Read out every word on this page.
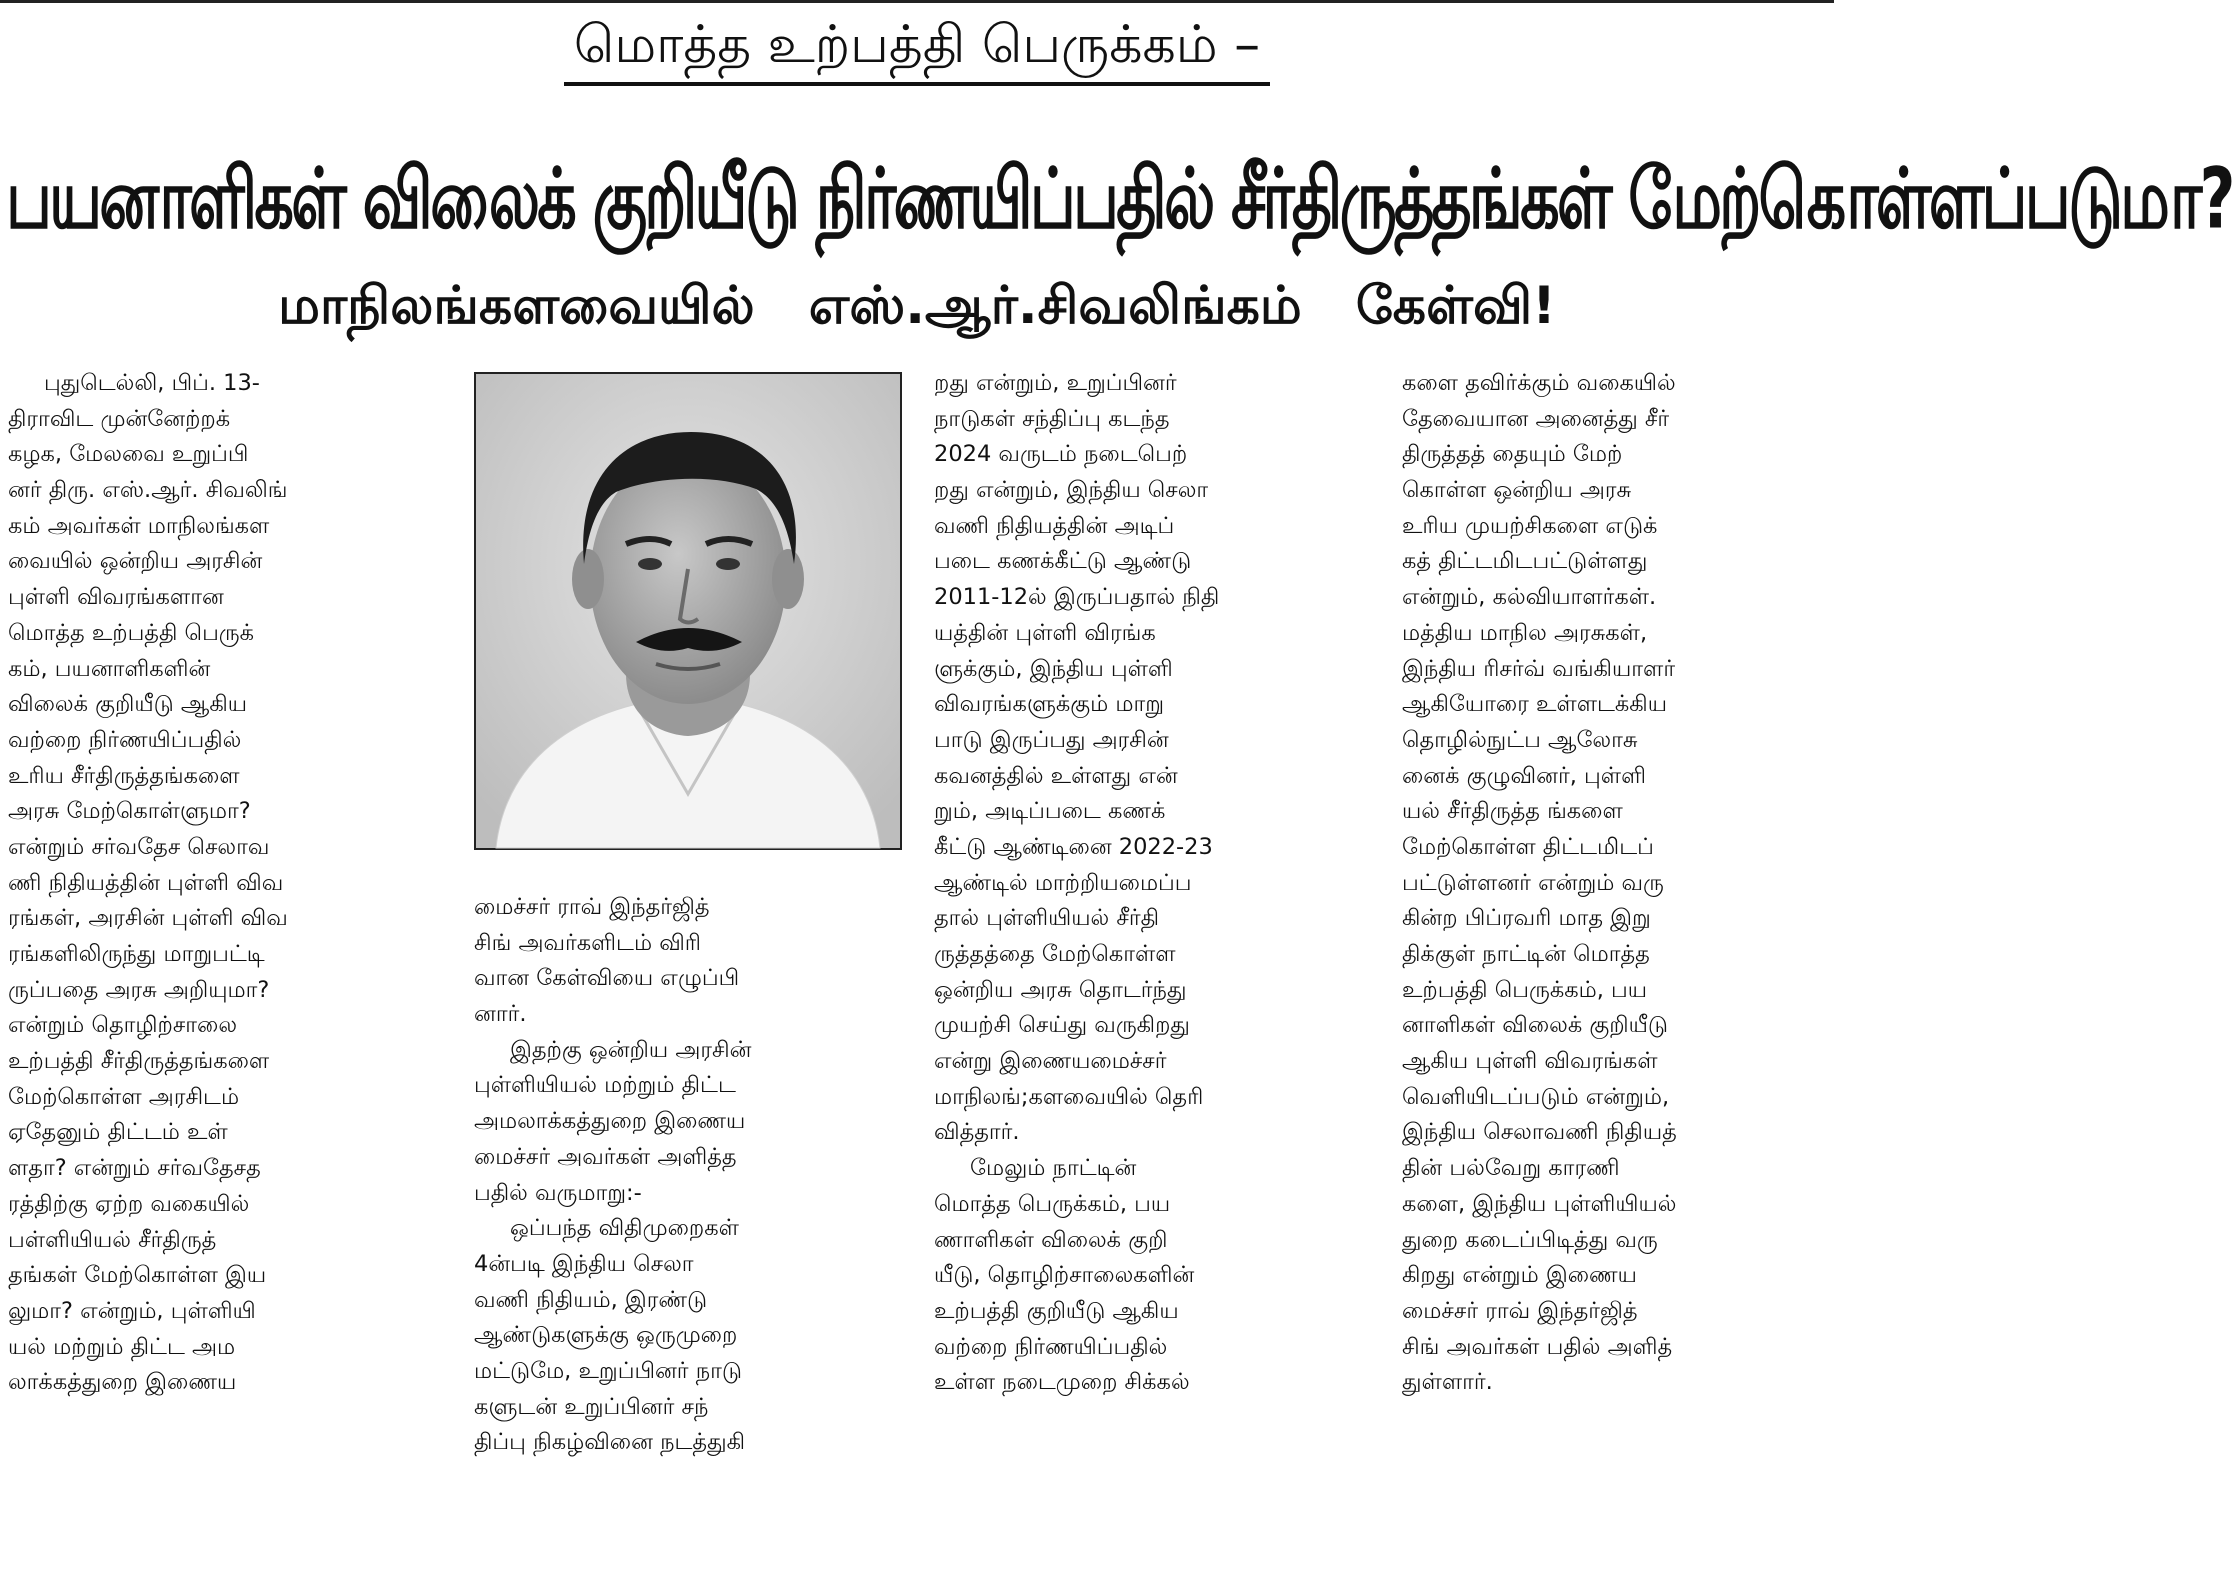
மொத்த உற்பத்தி பெருக்கம் –
பயனாளிகள் விலைக் குறியீடு நிர்ணயிப்பதில் சீர்திருத்தங்கள் மேற்கொள்ளப்படுமா?
மாநிலங்களவையில் எஸ்.ஆர்.சிவலிங்கம் கேள்வி!
புதுடெல்லி, பிப். 13-
திராவிட முன்னேற்றக்
கழக, மேலவை உறுப்பி
னர் திரு. எஸ்.ஆர். சிவலிங்
கம் அவர்கள் மாநிலங்கள
வையில் ஒன்றிய அரசின்
புள்ளி விவரங்களான
மொத்த உற்பத்தி பெருக்
கம், பயனாளிகளின்
விலைக் குறியீடு ஆகிய
வற்றை நிர்ணயிப்பதில்
உரிய சீர்திருத்தங்களை
அரசு மேற்கொள்ளுமா?
என்றும் சர்வதேச செலாவ
ணி நிதியத்தின் புள்ளி விவ
ரங்கள், அரசின் புள்ளி விவ
ரங்களிலிருந்து மாறுபட்டி
ருப்பதை அரசு அறியுமா?
என்றும் தொழிற்சாலை
உற்பத்தி சீர்திருத்தங்களை
மேற்கொள்ள அரசிடம்
ஏதேனும் திட்டம் உள்
ளதா? என்றும் சர்வதேசத
ரத்திற்கு ஏற்ற வகையில்
பள்ளியியல் சீர்திருத்
தங்கள் மேற்கொள்ள இய
லுமா? என்றும், புள்ளியி
யல் மற்றும் திட்ட அம
லாக்கத்துறை இணைய
மைச்சர் ராவ் இந்தர்ஜித்
சிங் அவர்களிடம் விரி
வான கேள்வியை எழுப்பி
னார்.
இதற்கு ஒன்றிய அரசின்
புள்ளியியல் மற்றும் திட்ட
அமலாக்கத்துறை இணைய
மைச்சர் அவர்கள் அளித்த
பதில் வருமாறு:-
ஒப்பந்த விதிமுறைகள்
4ன்படி இந்திய செலா
வணி நிதியம், இரண்டு
ஆண்டுகளுக்கு ஒருமுறை
மட்டுமே, உறுப்பினர் நாடு
களுடன் உறுப்பினர் சந்
திப்பு நிகழ்வினை நடத்துகி
றது என்றும், உறுப்பினர்
நாடுகள் சந்திப்பு கடந்த
2024 வருடம் நடைபெற்
றது என்றும், இந்திய செலா
வணி நிதியத்தின் அடிப்
படை கணக்கீட்டு ஆண்டு
2011-12ல் இருப்பதால் நிதி
யத்தின் புள்ளி விரங்க
ளுக்கும், இந்திய புள்ளி
விவரங்களுக்கும் மாறு
பாடு இருப்பது அரசின்
கவனத்தில் உள்ளது என்
றும், அடிப்படை கணக்
கீட்டு ஆண்டினை 2022-23
ஆண்டில் மாற்றியமைப்ப
தால் புள்ளியியல் சீர்தி
ருத்தத்தை மேற்கொள்ள
ஒன்றிய அரசு தொடர்ந்து
முயற்சி செய்து வருகிறது
என்று இணையமைச்சர்
மாநிலங்;களவையில் தெரி
வித்தார்.
மேலும் நாட்டின்
மொத்த பெருக்கம், பய
ணாளிகள் விலைக் குறி
யீடு, தொழிற்சாலைகளின்
உற்பத்தி குறியீடு ஆகிய
வற்றை நிர்ணயிப்பதில்
உள்ள நடைமுறை சிக்கல்
களை தவிர்க்கும் வகையில்
தேவையான அனைத்து சீர்
திருத்தத் தையும் மேற்
கொள்ள ஒன்றிய அரசு
உரிய முயற்சிகளை எடுக்
கத் திட்டமிடபட்டுள்ளது
என்றும், கல்வியாளர்கள்.
மத்திய மாநில அரசுகள்,
இந்திய ரிசர்வ் வங்கியாளர்
ஆகியோரை உள்ளடக்கிய
தொழில்நுட்ப ஆலோசு
னைக் குழுவினர், புள்ளி
யல் சீர்திருத்த ங்களை
மேற்கொள்ள திட்டமிடப்
பட்டுள்ளனர் என்றும் வரு
கின்ற பிப்ரவரி மாத இறு
திக்குள் நாட்டின் மொத்த
உற்பத்தி பெருக்கம், பய
னாளிகள் விலைக் குறியீடு
ஆகிய புள்ளி விவரங்கள்
வெளியிடப்படும் என்றும்,
இந்திய செலாவணி நிதியத்
தின் பல்வேறு காரணி
களை, இந்திய புள்ளியியல்
துறை கடைப்பிடித்து வரு
கிறது என்றும் இணைய
மைச்சர் ராவ் இந்தர்ஜித்
சிங் அவர்கள் பதில் அளித்
துள்ளார்.
